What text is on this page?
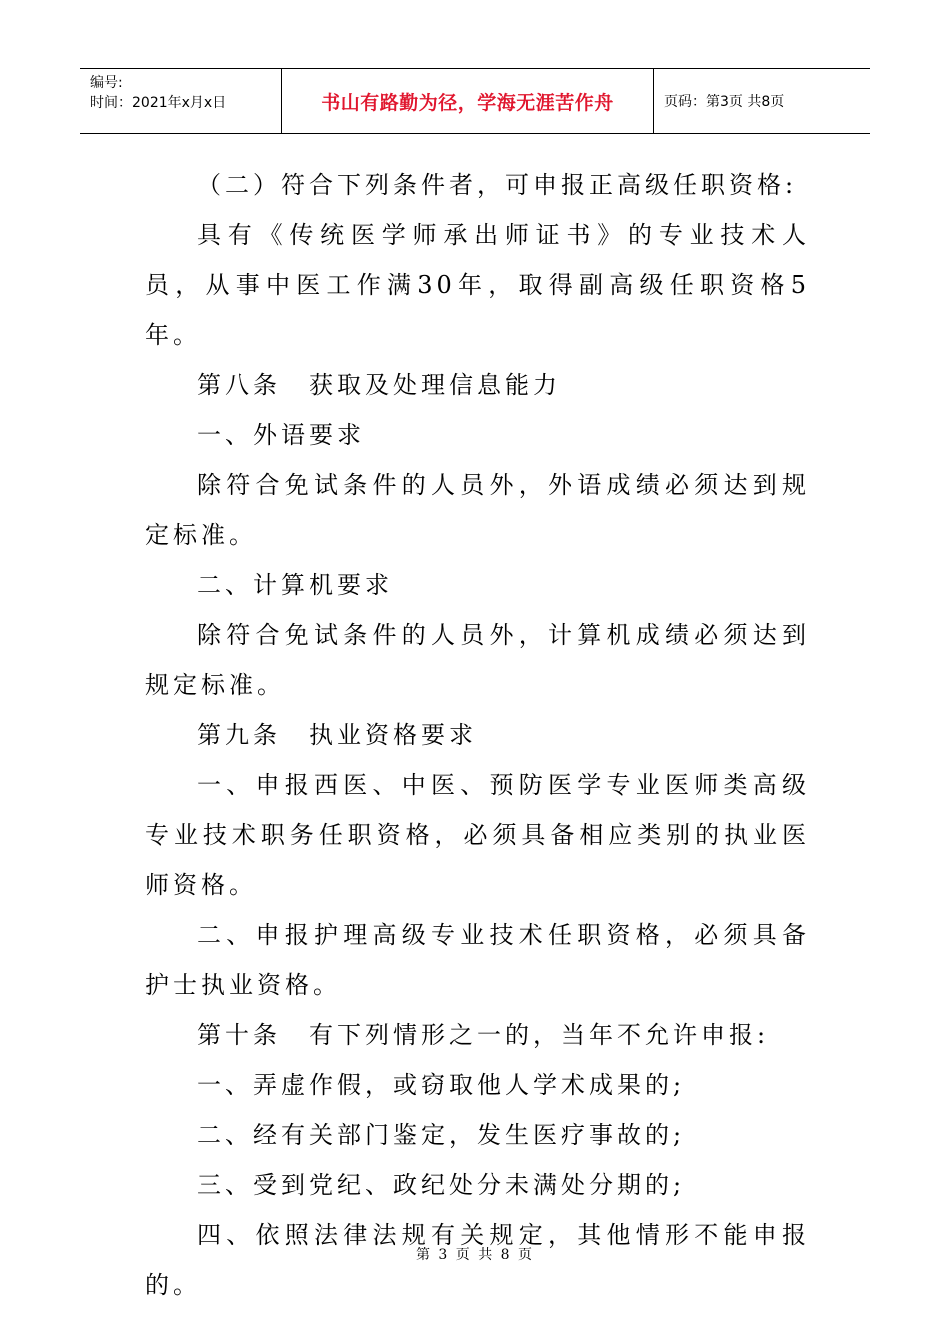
编号:
时间：2021年x月x日	书山有路勤为径，学海无涯苦作舟	页码：第3页 共8页

（二）符合下列条件者，可申报正高级任职资格:

具有《传统医学师承出师证书》的专业技术人员，从事中医工作满30年，取得副高级任职资格5年。

第八条　获取及处理信息能力

一、外语要求

除符合免试条件的人员外，外语成绩必须达到规定标准。

二、计算机要求

除符合免试条件的人员外，计算机成绩必须达到规定标准。

第九条　执业资格要求

一、申报西医、中医、预防医学专业医师类高级专业技术职务任职资格，必须具备相应类别的执业医师资格。

二、申报护理高级专业技术任职资格，必须具备护士执业资格。

第十条　有下列情形之一的，当年不允许申报:

一、弄虚作假，或窃取他人学术成果的;

二、经有关部门鉴定，发生医疗事故的;

三、受到党纪、政纪处分未满处分期的;

四、依照法律法规有关规定，其他情形不能申报的。

第 3 页 共 8 页
